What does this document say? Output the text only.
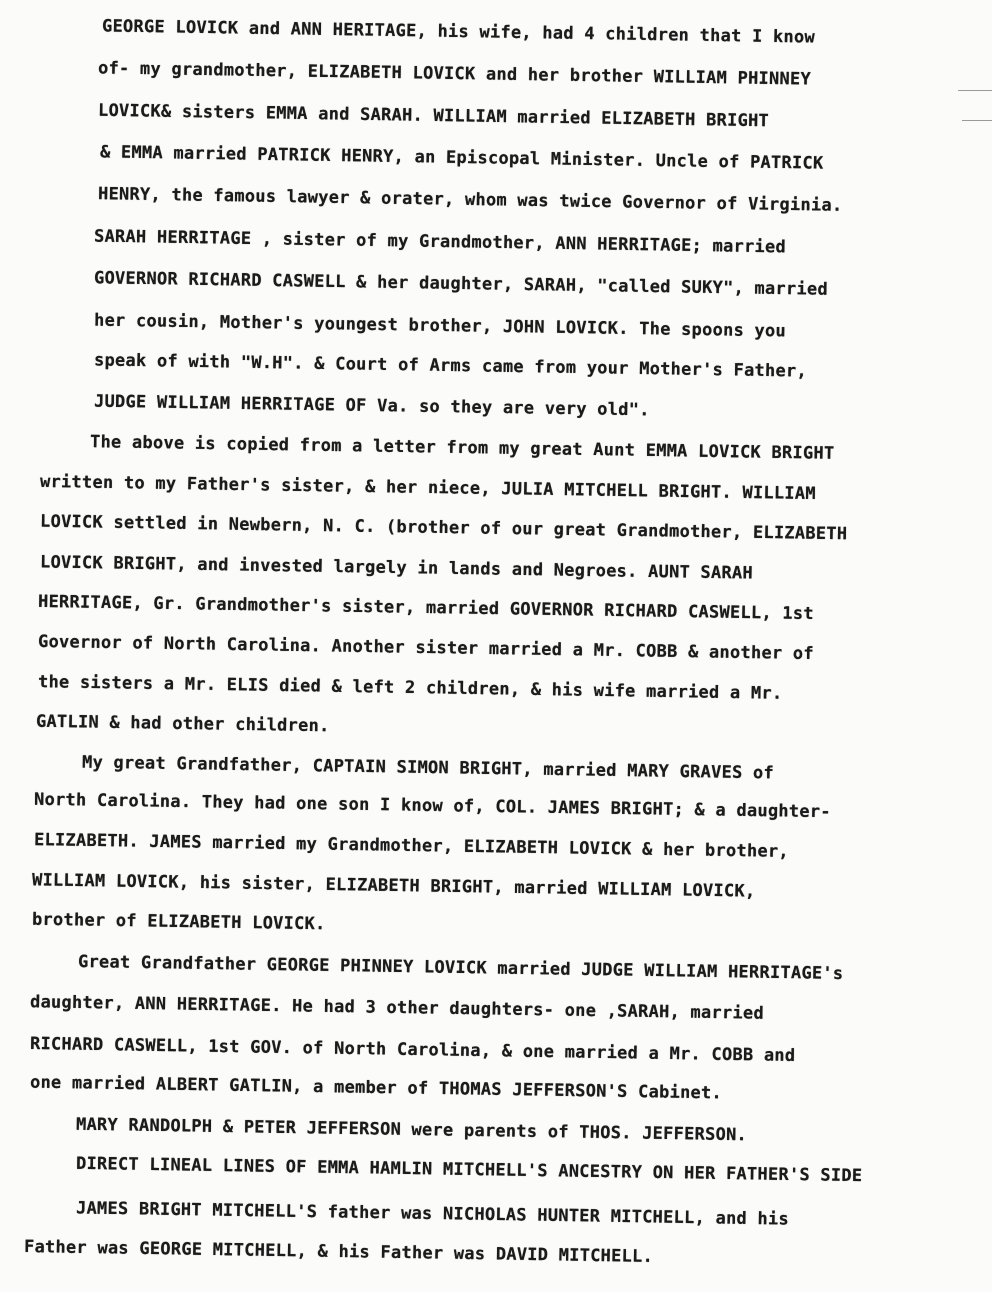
GEORGE LOVICK and ANN HERITAGE, his wife, had 4 children that I know
of- my grandmother, ELIZABETH LOVICK and her brother WILLIAM PHINNEY
LOVICK& sisters EMMA and SARAH. WILLIAM married ELIZABETH BRIGHT
& EMMA married PATRICK HENRY, an Episcopal Minister. Uncle of PATRICK
HENRY, the famous lawyer & orater, whom was twice Governor of Virginia.
SARAH HERRITAGE , sister of my Grandmother, ANN HERRITAGE; married
GOVERNOR RICHARD CASWELL & her daughter, SARAH, "called SUKY", married
her cousin, Mother's youngest brother, JOHN LOVICK. The spoons you
speak of with "W.H". & Court of Arms came from your Mother's Father,
JUDGE WILLIAM HERRITAGE OF Va. so they are very old".
The above is copied from a letter from my great Aunt EMMA LOVICK BRIGHT
written to my Father's sister, & her niece, JULIA MITCHELL BRIGHT. WILLIAM
LOVICK settled in Newbern, N. C. (brother of our great Grandmother, ELIZABETH
LOVICK BRIGHT, and invested largely in lands and Negroes. AUNT SARAH
HERRITAGE, Gr. Grandmother's sister, married GOVERNOR RICHARD CASWELL, 1st
Governor of North Carolina. Another sister married a Mr. COBB & another of
the sisters a Mr. ELIS died & left 2 children, & his wife married a Mr.
GATLIN & had other children.
My great Grandfather, CAPTAIN SIMON BRIGHT, married MARY GRAVES of
North Carolina. They had one son I know of, COL. JAMES BRIGHT; & a daughter-
ELIZABETH. JAMES married my Grandmother, ELIZABETH LOVICK & her brother,
WILLIAM LOVICK, his sister, ELIZABETH BRIGHT, married WILLIAM LOVICK,
brother of ELIZABETH LOVICK.
Great Grandfather GEORGE PHINNEY LOVICK married JUDGE WILLIAM HERRITAGE's
daughter, ANN HERRITAGE. He had 3 other daughters- one ,SARAH, married
RICHARD CASWELL, 1st GOV. of North Carolina, & one married a Mr. COBB and
one married ALBERT GATLIN, a member of THOMAS JEFFERSON'S Cabinet.
MARY RANDOLPH & PETER JEFFERSON were parents of THOS. JEFFERSON.
DIRECT LINEAL LINES OF EMMA HAMLIN MITCHELL'S ANCESTRY ON HER FATHER'S SIDE
JAMES BRIGHT MITCHELL'S father was NICHOLAS HUNTER MITCHELL, and his
Father was GEORGE MITCHELL, & his Father was DAVID MITCHELL.
